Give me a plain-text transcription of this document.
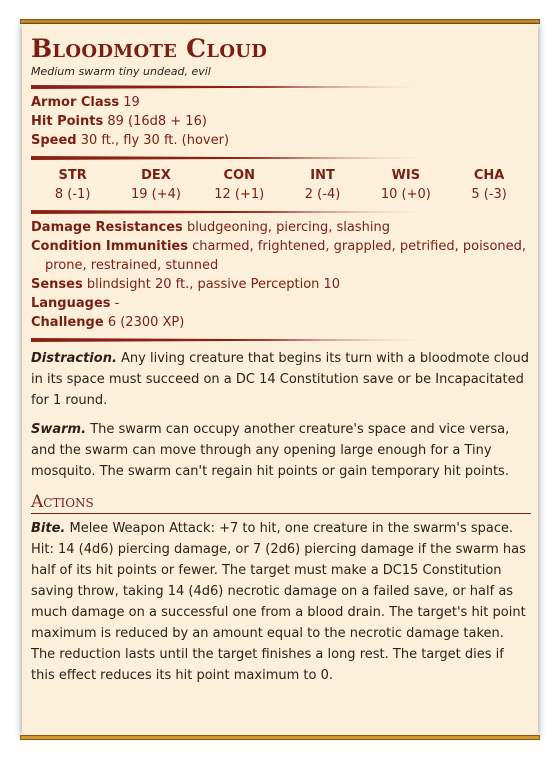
Bloodmote Cloud
Medium swarm tiny undead, evil
Armor Class 19
Hit Points 89 (16d8 + 16)
Speed 30 ft., fly 30 ft. (hover)
STR
8 (-1)
DEX
19 (+4)
CON
12 (+1)
INT
2 (-4)
WIS
10 (+0)
CHA
5 (-3)
Damage Resistances bludgeoning, piercing, slashing
Condition Immunities charmed, frightened, grappled, petrified, poisoned, prone, restrained, stunned
Senses blindsight 20 ft., passive Perception 10
Languages -
Challenge 6 (2300 XP)

Distraction. Any living creature that begins its turn with a bloodmote cloud in its space must succeed on a DC 14 Constitution save or be Incapacitated for 1 round.

Swarm. The swarm can occupy another creature's space and vice versa, and the swarm can move through any opening large enough for a Tiny mosquito. The swarm can't regain hit points or gain temporary hit points.

Actions

Bite. Melee Weapon Attack: +7 to hit, one creature in the swarm's space. Hit: 14 (4d6) piercing damage, or 7 (2d6) piercing damage if the swarm has half of its hit points or fewer. The target must make a DC15 Constitution saving throw, taking 14 (4d6) necrotic damage on a failed save, or half as much damage on a successful one from a blood drain. The target's hit point maximum is reduced by an amount equal to the necrotic damage taken. The reduction lasts until the target finishes a long rest. The target dies if this effect reduces its hit point maximum to 0.
